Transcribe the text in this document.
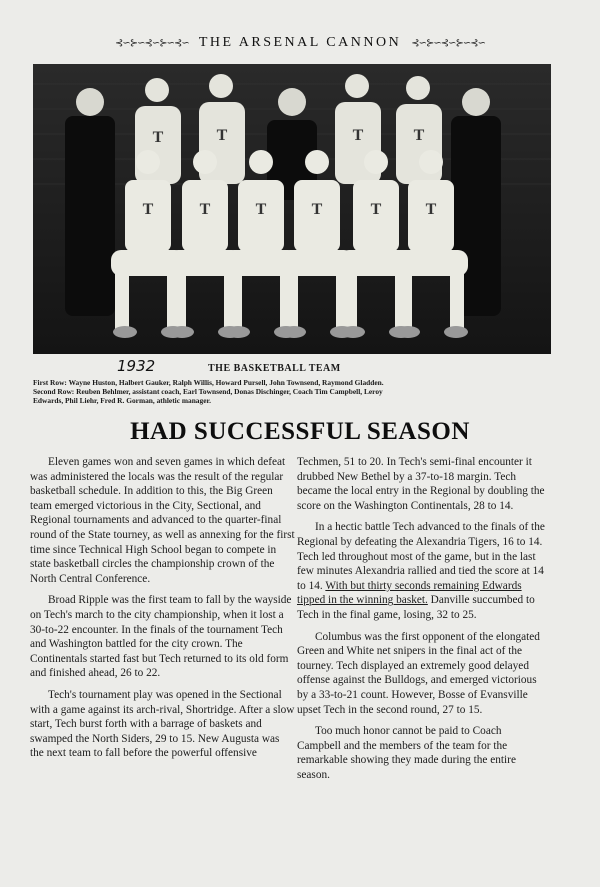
⊰∽⊱∽⊰∽⊱∽⊰∽ THE ARSENAL CANNON ⊰∽⊱∽⊰∽⊱∽⊰∽
T	T	T	T
T	T	T	T	T	T
1932	THE BASKETBALL TEAM
First Row: Wayne Huston, Halbert Gauker, Ralph Willis, Howard Pursell, John Townsend, Raymond Gladden.
Second Row: Reuben Behlmer, assistant coach, Earl Townsend, Donas Dischinger, Coach Tim Campbell, Leroy
Edwards, Phil Liehr, Fred R. Gorman, athletic manager.
HAD SUCCESSFUL SEASON

Eleven games won and seven games in which defeat was administered the locals was the result of the regular basketball schedule. In addition to this, the Big Green team emerged victorious in the City, Sectional, and Regional tournaments and advanced to the quarter-final round of the State tourney, as well as annexing for the first time since Technical High School began to compete in state basketball circles the championship crown of the North Central Conference.

Broad Ripple was the first team to fall by the wayside on Tech's march to the city championship, when it lost a 30-to-22 encounter. In the finals of the tournament Tech and Washington battled for the city crown. The Continentals started fast but Tech returned to its old form and finished ahead, 26 to 22.

Tech's tournament play was opened in the Sectional with a game against its arch-rival, Shortridge. After a slow start, Tech burst forth with a barrage of baskets and swamped the North Siders, 29 to 15. New Augusta was the next team to fall before the powerful offensive

Techmen, 51 to 20. In Tech's semi-final encounter it drubbed New Bethel by a 37-to-18 margin. Tech became the local entry in the Regional by doubling the score on the Washington Continentals, 28 to 14.

In a hectic battle Tech advanced to the finals of the Regional by defeating the Alexandria Tigers, 16 to 14. Tech led throughout most of the game, but in the last few minutes Alexandria rallied and tied the score at 14 to 14. With but thirty seconds remaining Edwards tipped in the winning basket. Danville succumbed to Tech in the final game, losing, 32 to 25.

Columbus was the first opponent of the elongated Green and White net snipers in the final act of the tourney. Tech displayed an extremely good delayed offense against the Bulldogs, and emerged victorious by a 33-to-21 count. However, Bosse of Evansville upset Tech in the second round, 27 to 15.

Too much honor cannot be paid to Coach Campbell and the members of the team for the remarkable showing they made during the entire season.
